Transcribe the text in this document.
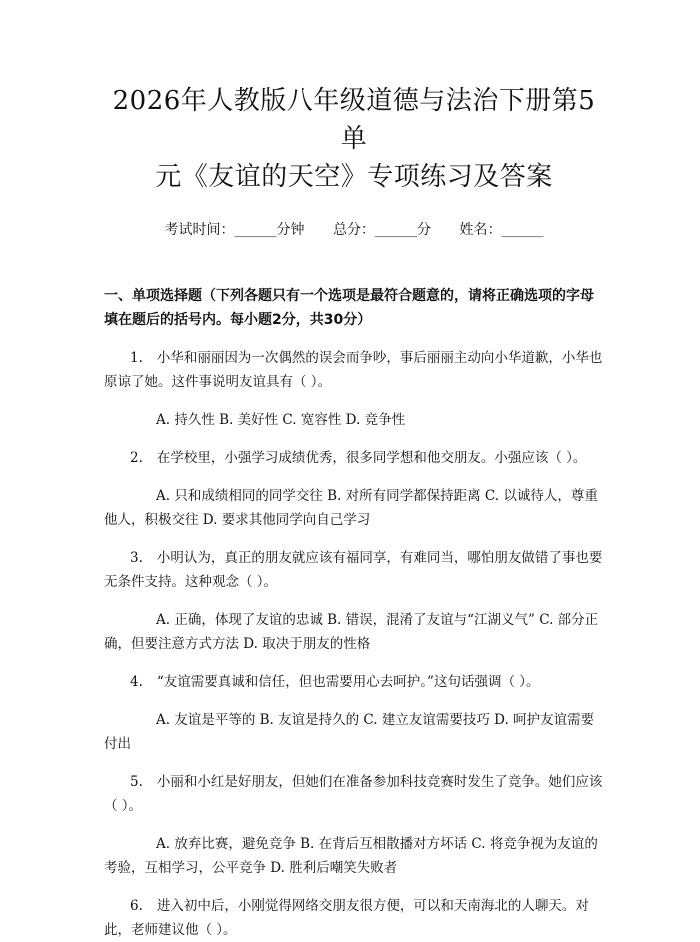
2026年人教版八年级道德与法治下册第5单
元《友谊的天空》专项练习及答案
考试时间：______分钟 总分：______分 姓名：______
一、单项选择题（下列各题只有一个选项是最符合题意的，请将正确选项的字母填在题后的括号内。每小题2分，共30分）

1. 小华和丽丽因为一次偶然的误会而争吵，事后丽丽主动向小华道歉，小华也原谅了她。这件事说明友谊具有（ ）。

A. 持久性 B. 美好性 C. 宽容性 D. 竞争性

2. 在学校里，小强学习成绩优秀，很多同学想和他交朋友。小强应该（ ）。

A. 只和成绩相同的同学交往 B. 对所有同学都保持距离 C. 以诚待人，尊重他人，积极交往 D. 要求其他同学向自己学习

3. 小明认为，真正的朋友就应该有福同享，有难同当，哪怕朋友做错了事也要无条件支持。这种观念（ ）。

A. 正确，体现了友谊的忠诚 B. 错误，混淆了友谊与“江湖义气” C. 部分正确，但要注意方式方法 D. 取决于朋友的性格

4. “友谊需要真诚和信任，但也需要用心去呵护。”这句话强调（ ）。

A. 友谊是平等的 B. 友谊是持久的 C. 建立友谊需要技巧 D. 呵护友谊需要付出

5. 小丽和小红是好朋友，但她们在准备参加科技竞赛时发生了竞争。她们应该（ ）。

A. 放弃比赛，避免竞争 B. 在背后互相散播对方坏话 C. 将竞争视为友谊的考验，互相学习，公平竞争 D. 胜利后嘲笑失败者

6. 进入初中后，小刚觉得网络交朋友很方便，可以和天南海北的人聊天。对此，老师建议他（ ）。
